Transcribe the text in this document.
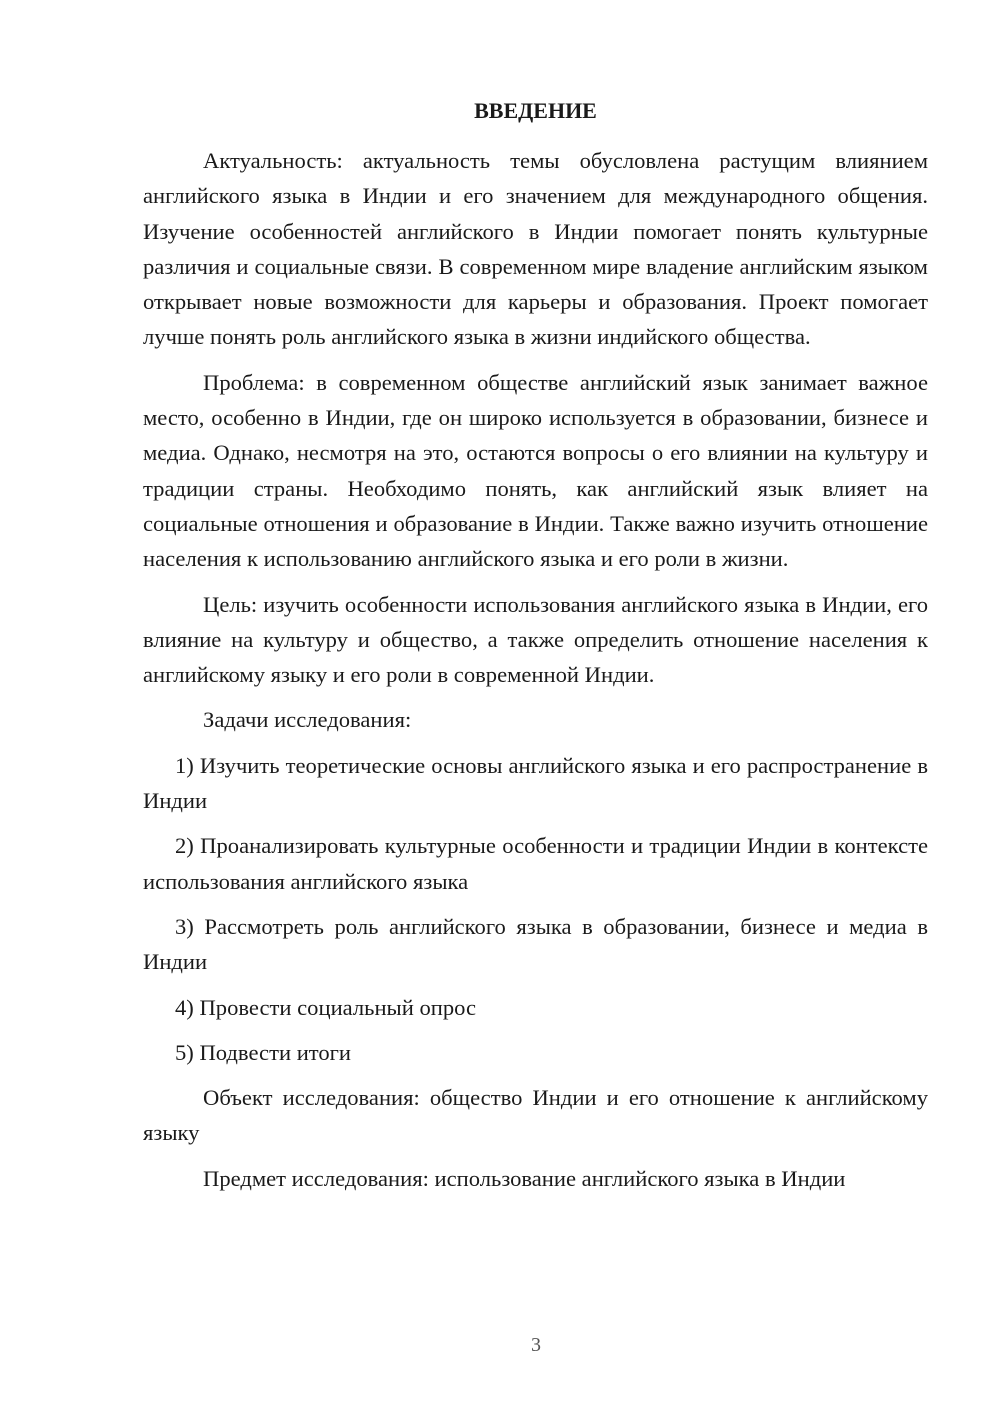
ВВЕДЕНИЕ

Актуальность: актуальность темы обусловлена растущим влиянием английского языка в Индии и его значением для международного общения. Изучение особенностей английского в Индии помогает понять культурные различия и социальные связи. В современном мире владение английским языком открывает новые возможности для карьеры и образования. Проект помогает лучше понять роль английского языка в жизни индийского общества.

Проблема: в современном обществе английский язык занимает важное место, особенно в Индии, где он широко используется в образовании, бизнесе и медиа. Однако, несмотря на это, остаются вопросы о его влиянии на культуру и традиции страны. Необходимо понять, как английский язык влияет на социальные отношения и образование в Индии. Также важно изучить отношение населения к использованию английского языка и его роли в жизни.

Цель: изучить особенности использования английского языка в Индии, его влияние на культуру и общество, а также определить отношение населения к английскому языку и его роли в современной Индии.

Задачи исследования:

1) Изучить теоретические основы английского языка и его распространение в Индии

2) Проанализировать культурные особенности и традиции Индии в контексте использования английского языка

3) Рассмотреть роль английского языка в образовании, бизнесе и медиа в Индии

4) Провести социальный опрос

5) Подвести итоги

Объект исследования: общество Индии и его отношение к английскому языку

Предмет исследования: использование английского языка в Индии

3
